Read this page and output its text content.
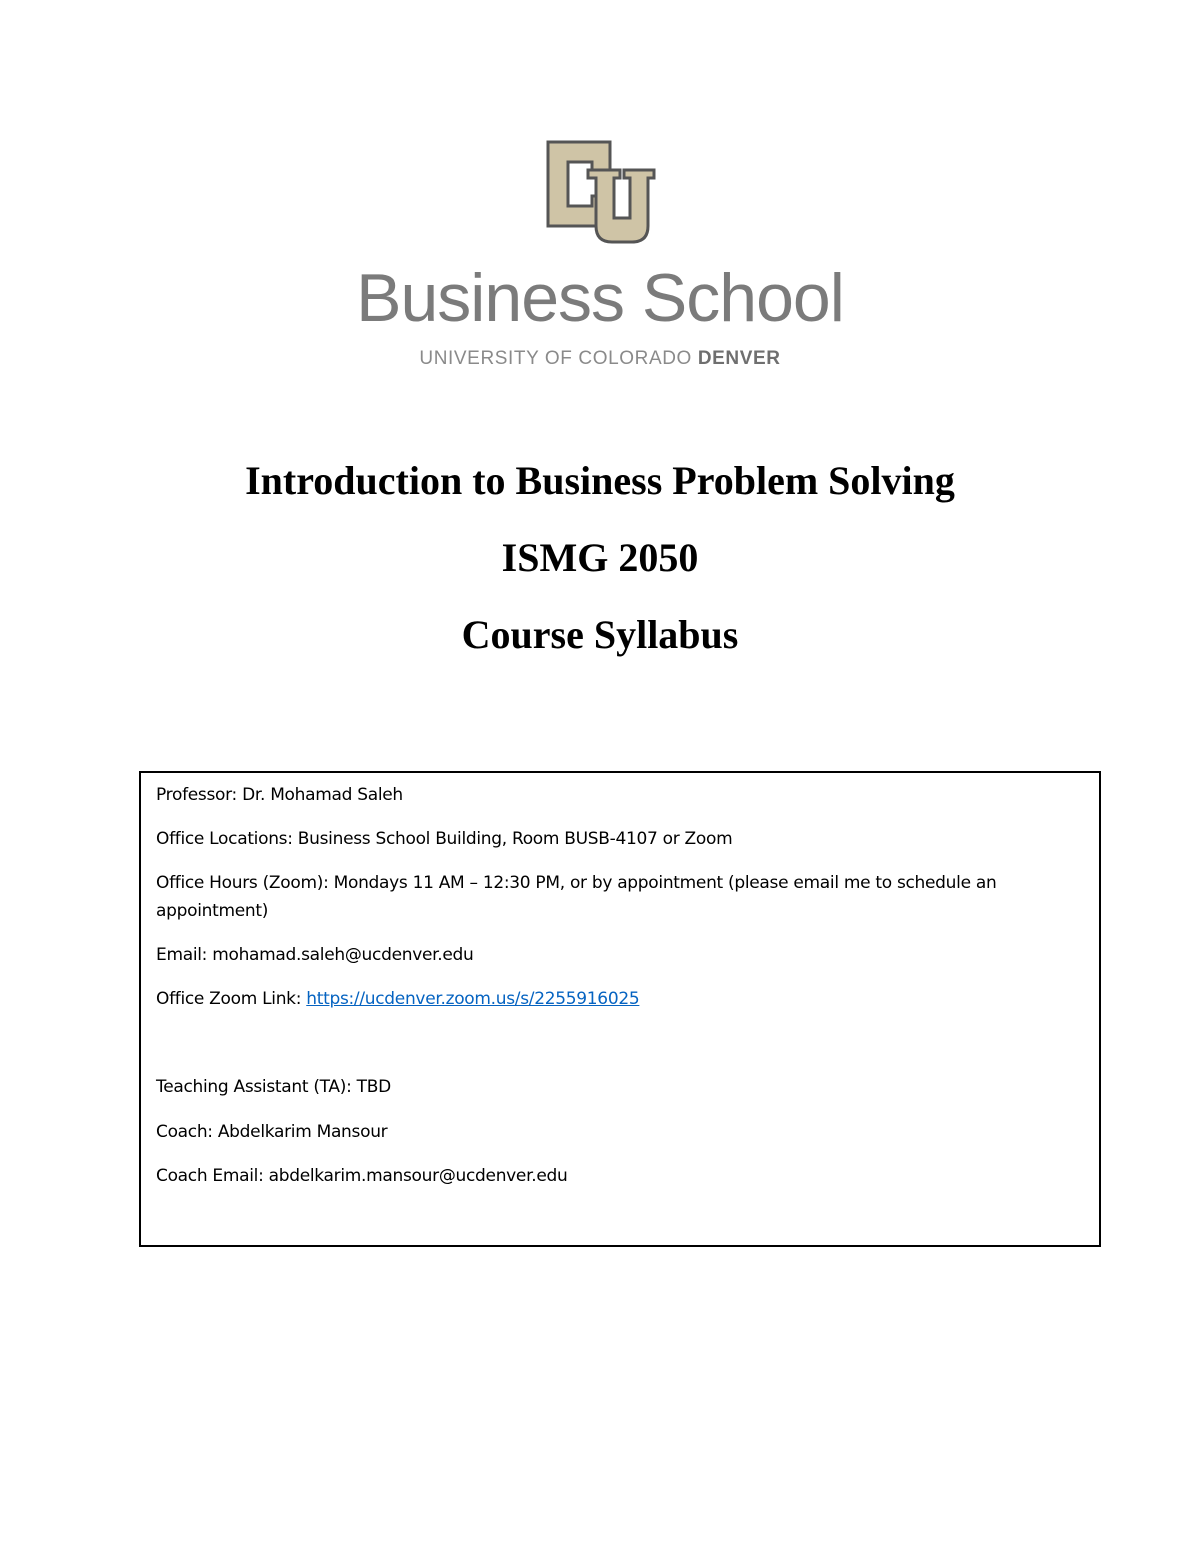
Business School
UNIVERSITY OF COLORADO DENVER
Introduction to Business Problem Solving
ISMG 2050
Course Syllabus
Professor: Dr. Mohamad Saleh
Office Locations: Business School Building, Room BUSB-4107 or Zoom
Office Hours (Zoom): Mondays 11 AM – 12:30 PM, or by appointment (please email me to schedule an appointment)
Email: mohamad.saleh@ucdenver.edu
Office Zoom Link: https://ucdenver.zoom.us/s/2255916025
Teaching Assistant (TA): TBD
Coach: Abdelkarim Mansour
Coach Email: abdelkarim.mansour@ucdenver.edu
